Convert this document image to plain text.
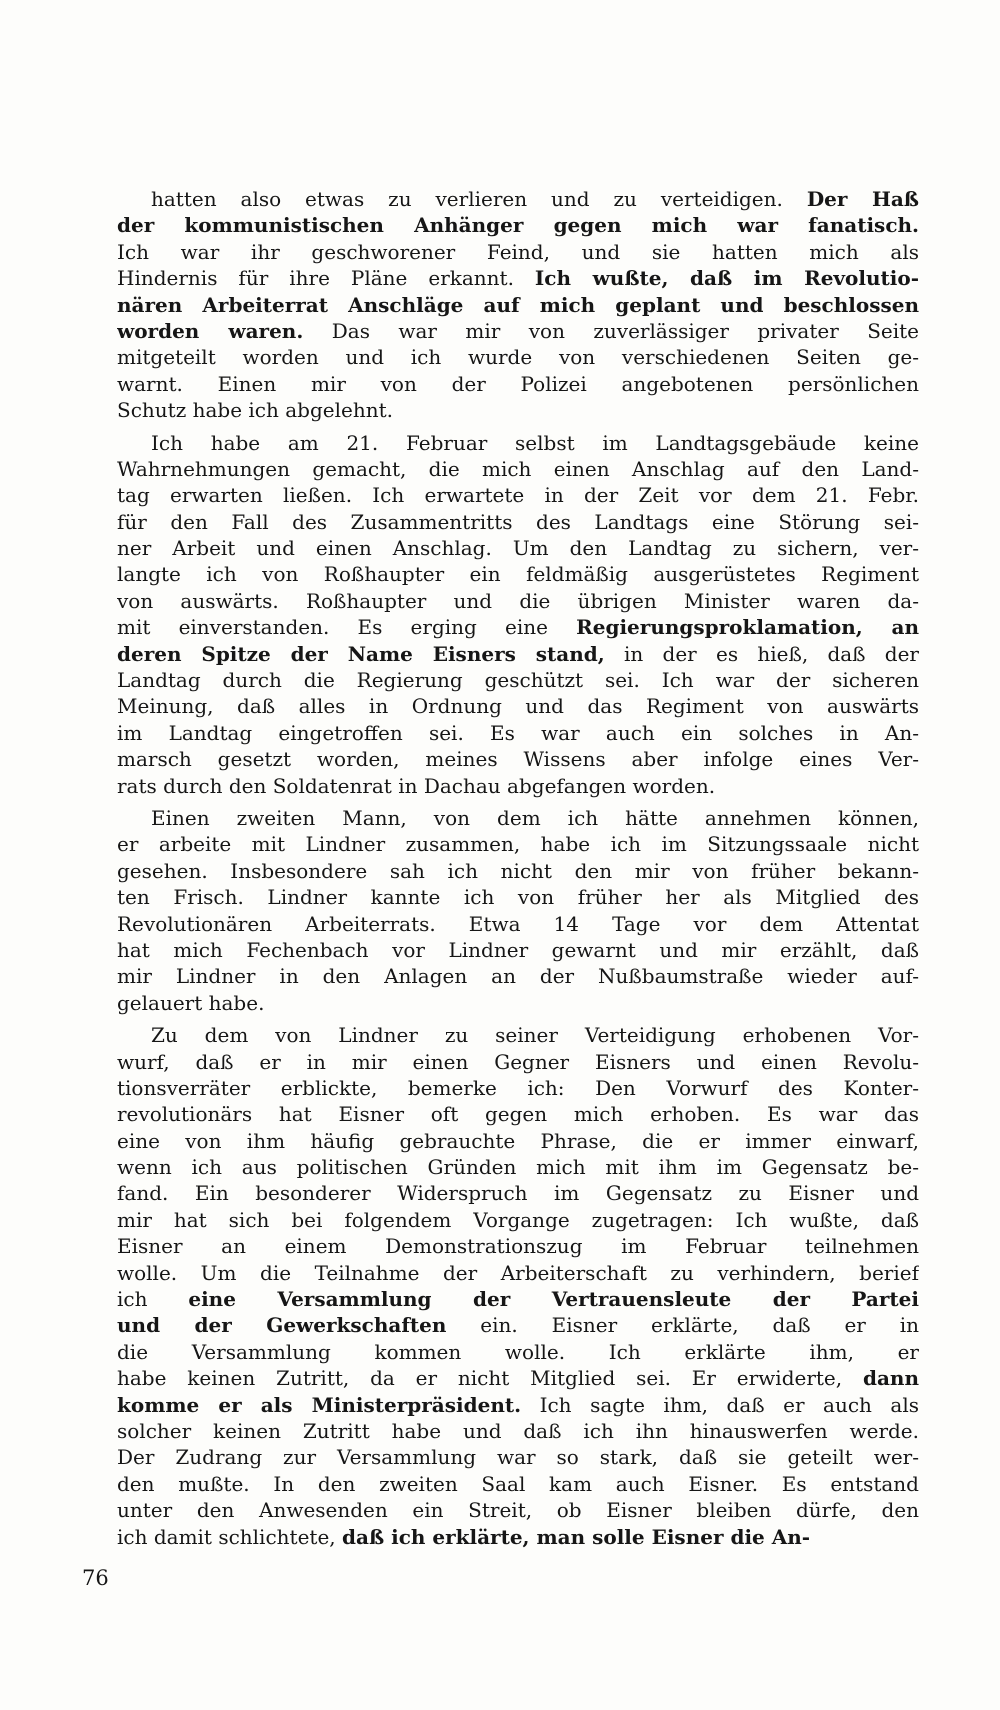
hatten also etwas zu verlieren und zu verteidigen. Der Haß
der kommunistischen Anhänger gegen mich war fanatisch.
Ich war ihr geschworener Feind, und sie hatten mich als
Hindernis für ihre Pläne erkannt. Ich wußte, daß im Revolutio-
nären Arbeiterrat Anschläge auf mich geplant und beschlossen
worden waren. Das war mir von zuverlässiger privater Seite
mitgeteilt worden und ich wurde von verschiedenen Seiten ge-
warnt. Einen mir von der Polizei angebotenen persönlichen
Schutz habe ich abgelehnt.
Ich habe am 21. Februar selbst im Landtagsgebäude keine
Wahrnehmungen gemacht, die mich einen Anschlag auf den Land-
tag erwarten ließen. Ich erwartete in der Zeit vor dem 21. Febr.
für den Fall des Zusammentritts des Landtags eine Störung sei-
ner Arbeit und einen Anschlag. Um den Landtag zu sichern, ver-
langte ich von Roßhaupter ein feldmäßig ausgerüstetes Regiment
von auswärts. Roßhaupter und die übrigen Minister waren da-
mit einverstanden. Es erging eine Regierungsproklamation, an
deren Spitze der Name Eisners stand, in der es hieß, daß der
Landtag durch die Regierung geschützt sei. Ich war der sicheren
Meinung, daß alles in Ordnung und das Regiment von auswärts
im Landtag eingetroffen sei. Es war auch ein solches in An-
marsch gesetzt worden, meines Wissens aber infolge eines Ver-
rats durch den Soldatenrat in Dachau abgefangen worden.
Einen zweiten Mann, von dem ich hätte annehmen können,
er arbeite mit Lindner zusammen, habe ich im Sitzungssaale nicht
gesehen. Insbesondere sah ich nicht den mir von früher bekann-
ten Frisch. Lindner kannte ich von früher her als Mitglied des
Revolutionären Arbeiterrats. Etwa 14 Tage vor dem Attentat
hat mich Fechenbach vor Lindner gewarnt und mir erzählt, daß
mir Lindner in den Anlagen an der Nußbaumstraße wieder auf-
gelauert habe.
Zu dem von Lindner zu seiner Verteidigung erhobenen Vor-
wurf, daß er in mir einen Gegner Eisners und einen Revolu-
tionsverräter erblickte, bemerke ich: Den Vorwurf des Konter-
revolutionärs hat Eisner oft gegen mich erhoben. Es war das
eine von ihm häufig gebrauchte Phrase, die er immer einwarf,
wenn ich aus politischen Gründen mich mit ihm im Gegensatz be-
fand. Ein besonderer Widerspruch im Gegensatz zu Eisner und
mir hat sich bei folgendem Vorgange zugetragen: Ich wußte, daß
Eisner an einem Demonstrationszug im Februar teilnehmen
wolle. Um die Teilnahme der Arbeiterschaft zu verhindern, berief
ich eine Versammlung der Vertrauensleute der Partei
und der Gewerkschaften ein. Eisner erklärte, daß er in
die Versammlung kommen wolle. Ich erklärte ihm, er
habe keinen Zutritt, da er nicht Mitglied sei. Er erwiderte, dann
komme er als Ministerpräsident. Ich sagte ihm, daß er auch als
solcher keinen Zutritt habe und daß ich ihn hinauswerfen werde.
Der Zudrang zur Versammlung war so stark, daß sie geteilt wer-
den mußte. In den zweiten Saal kam auch Eisner. Es entstand
unter den Anwesenden ein Streit, ob Eisner bleiben dürfe, den
ich damit schlichtete, daß ich erklärte, man solle Eisner die An-
76
